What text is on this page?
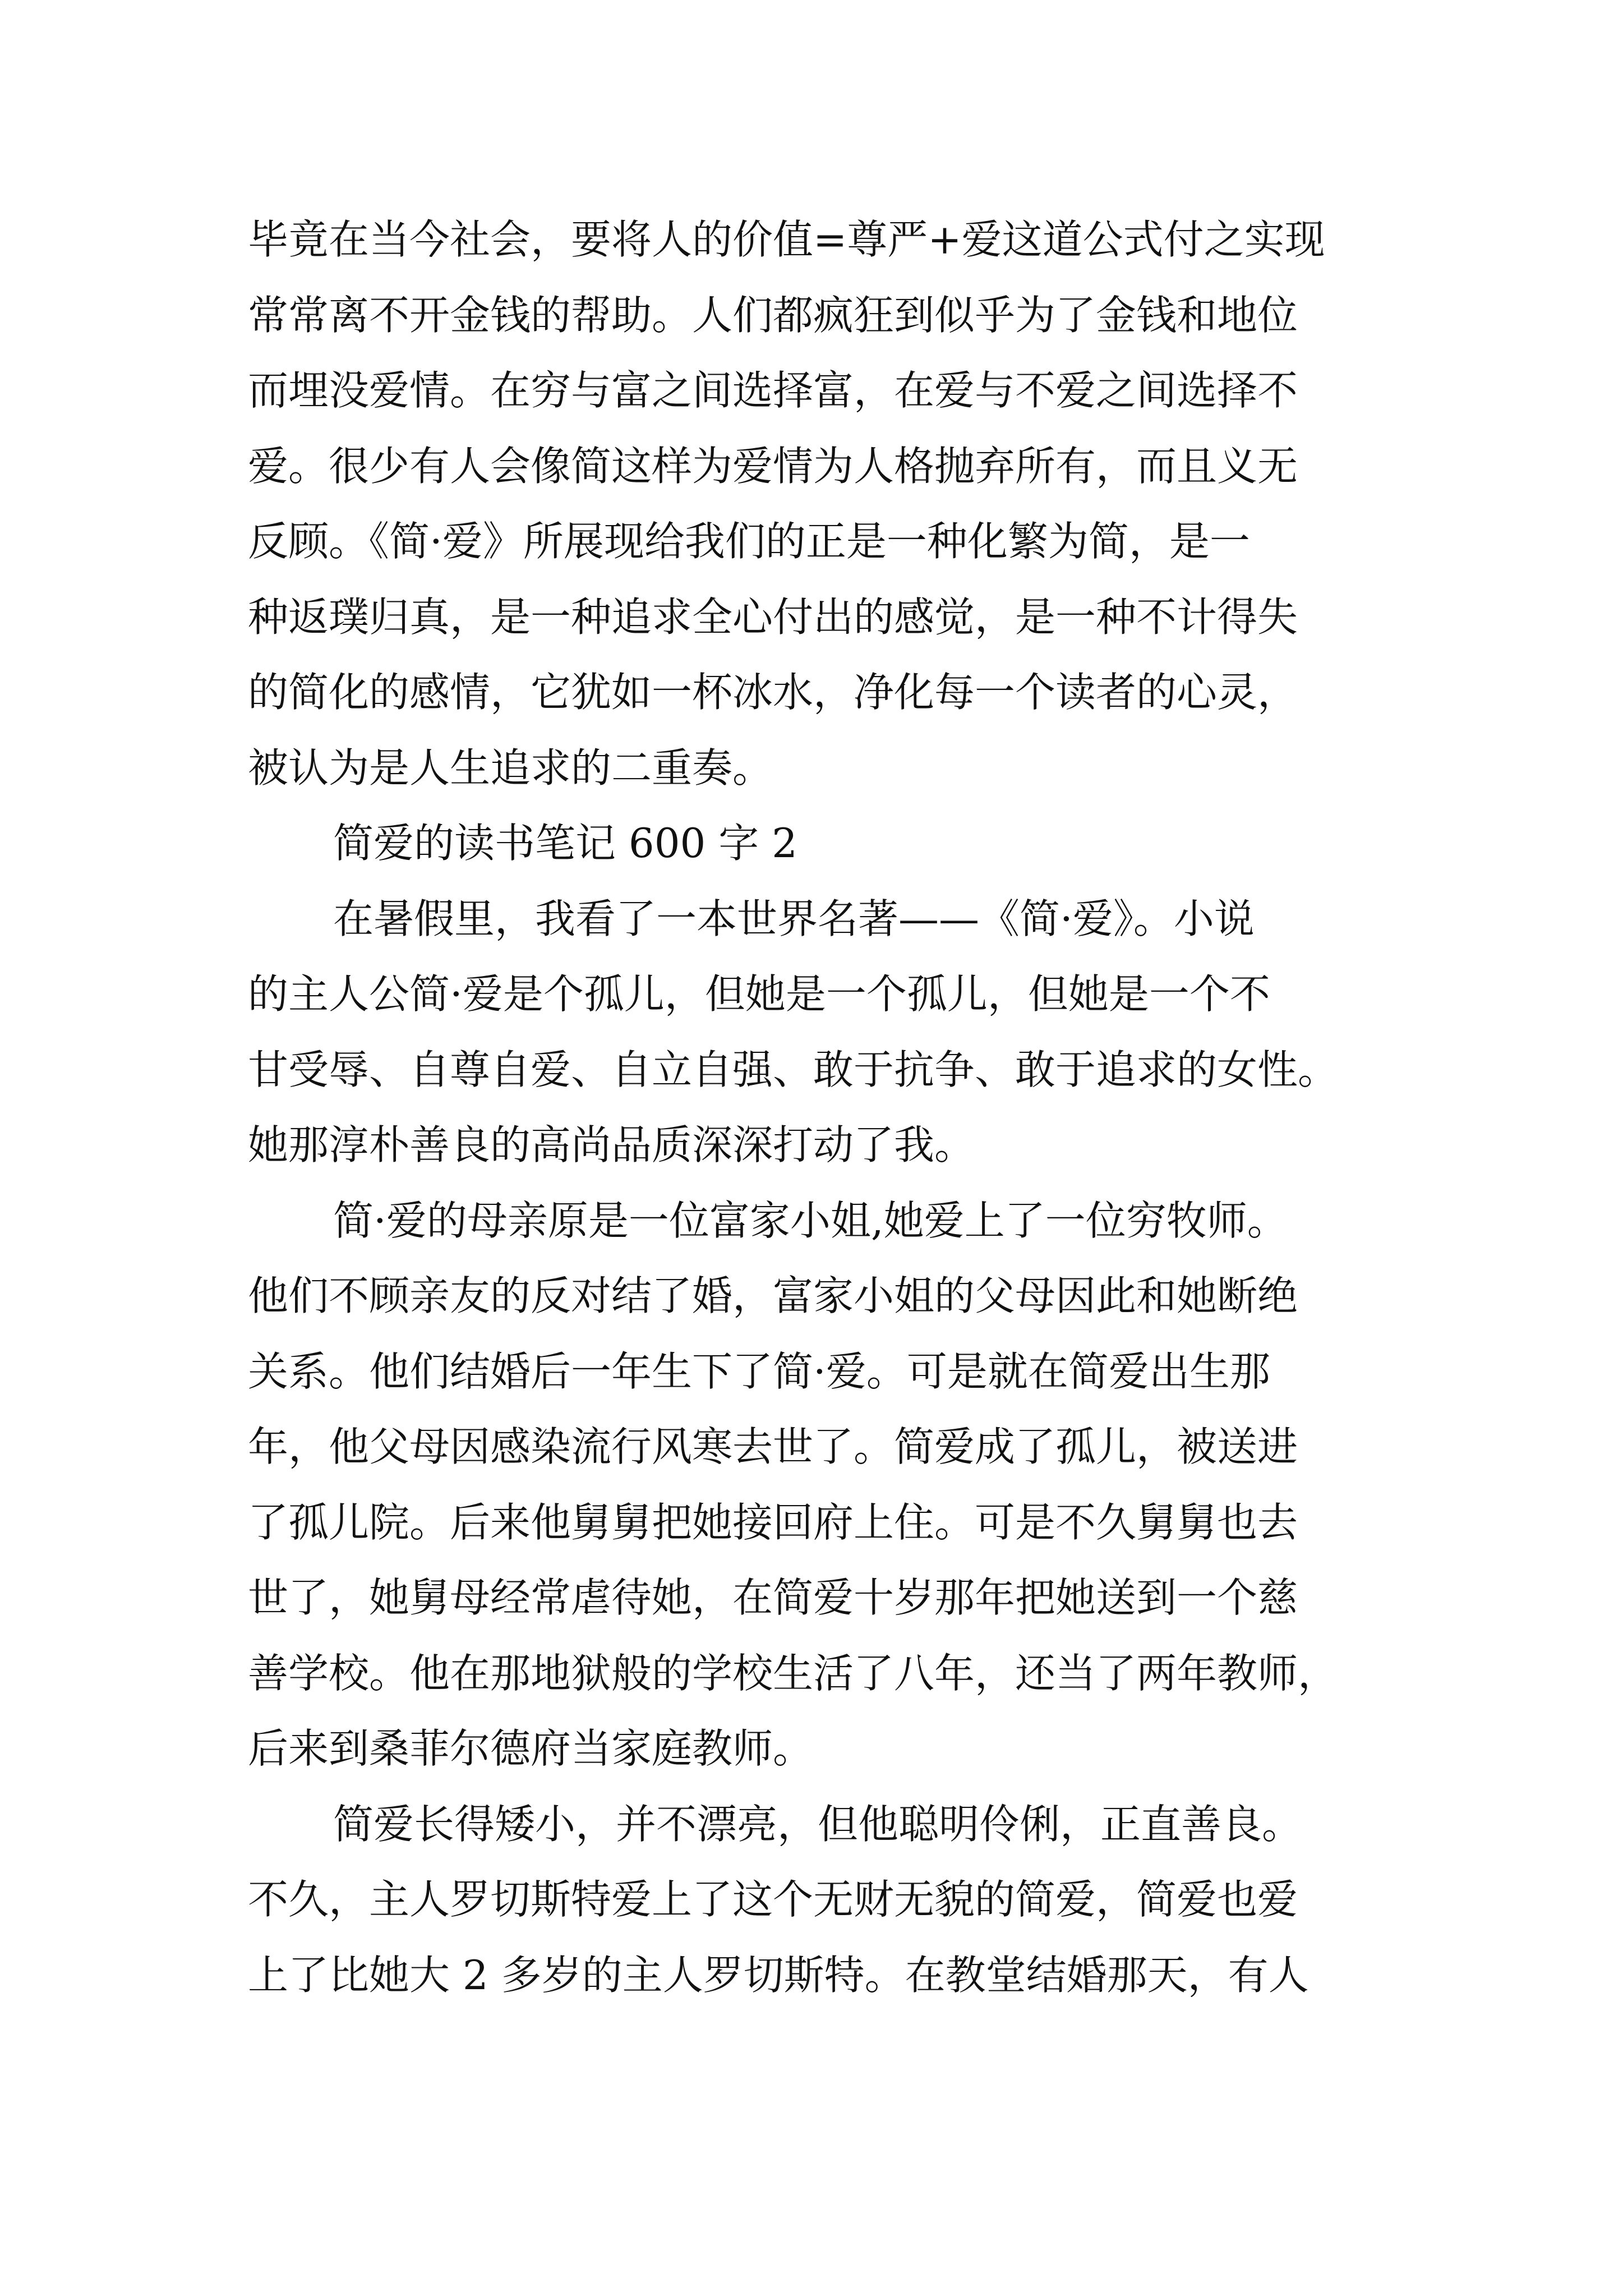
毕竟在当今社会，要将人的价值=尊严+爱这道公式付之实现
常常离不开金钱的帮助。人们都疯狂到似乎为了金钱和地位
而埋没爱情。在穷与富之间选择富，在爱与不爱之间选择不
爱。很少有人会像简这样为爱情为人格抛弃所有，而且义无
反顾。《简·爱》所展现给我们的正是一种化繁为简，是一
种返璞归真，是一种追求全心付出的感觉，是一种不计得失
的简化的感情，它犹如一杯冰水，净化每一个读者的心灵，
被认为是人生追求的二重奏。
简爱的读书笔记 600 字 2
在暑假里，我看了一本世界名著——《简·爱》。小说
的主人公简·爱是个孤儿，但她是一个孤儿，但她是一个不
甘受辱、自尊自爱、自立自强、敢于抗争、敢于追求的女性。
她那淳朴善良的高尚品质深深打动了我。
简·爱的母亲原是一位富家小姐,她爱上了一位穷牧师。
他们不顾亲友的反对结了婚，富家小姐的父母因此和她断绝
关系。他们结婚后一年生下了简·爱。可是就在简爱出生那
年，他父母因感染流行风寒去世了。简爱成了孤儿，被送进
了孤儿院。后来他舅舅把她接回府上住。可是不久舅舅也去
世了，她舅母经常虐待她，在简爱十岁那年把她送到一个慈
善学校。他在那地狱般的学校生活了八年，还当了两年教师，
后来到桑菲尔德府当家庭教师。
简爱长得矮小，并不漂亮，但他聪明伶俐，正直善良。
不久，主人罗切斯特爱上了这个无财无貌的简爱，简爱也爱
上了比她大 2 多岁的主人罗切斯特。在教堂结婚那天，有人
